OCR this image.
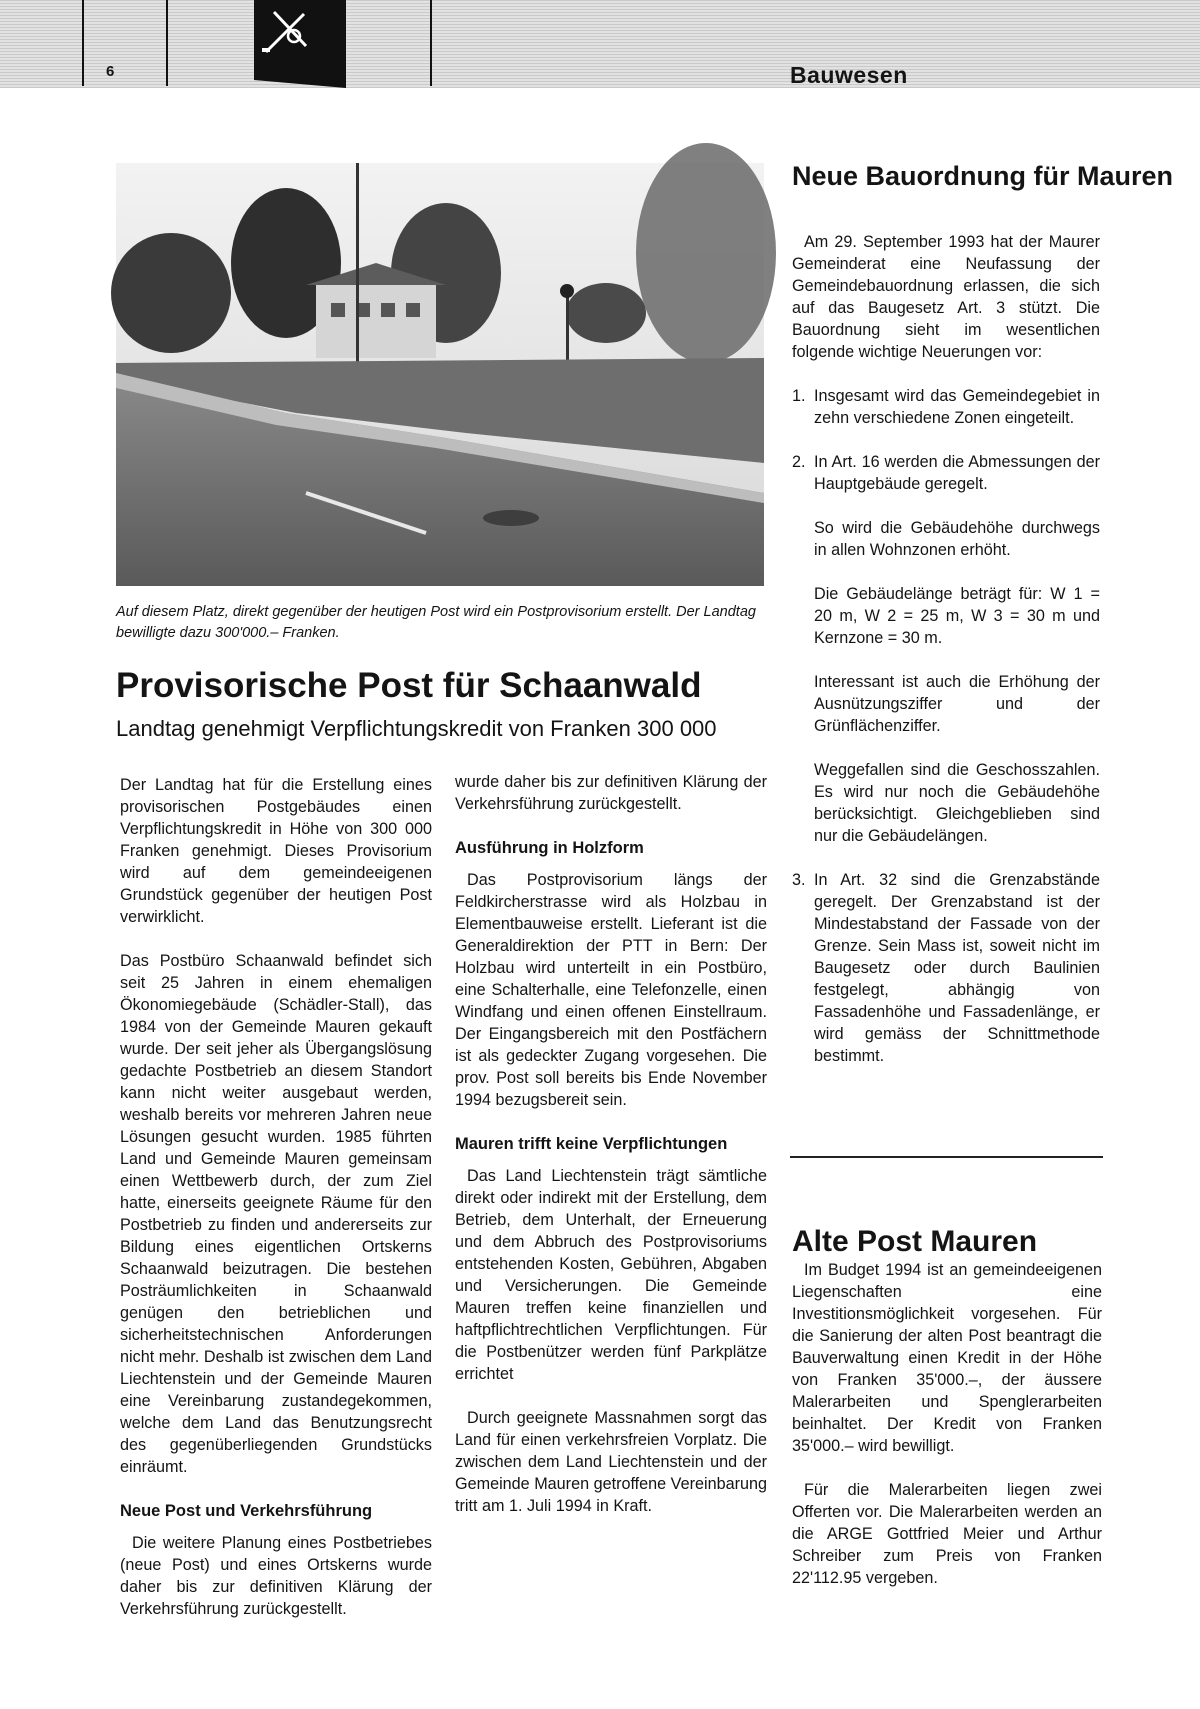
6	Bauwesen
Auf diesem Platz, direkt gegenüber der heutigen Post wird ein Postprovisorium erstellt. Der Landtag bewilligte dazu 300'000.– Franken.
Provisorische Post für Schaanwald
Landtag genehmigt Verpflichtungskredit von Franken 300 000

Der Landtag hat für die Erstellung eines provisorischen Postgebäudes einen Verpflichtungskredit in Höhe von 300 000 Franken genehmigt. Dieses Provisorium wird auf dem gemeindeeigenen Grundstück gegenüber der heutigen Post verwirklicht.

Das Postbüro Schaanwald befindet sich seit 25 Jahren in einem ehemaligen Ökonomiegebäude (Schädler-Stall), das 1984 von der Gemeinde Mauren gekauft wurde. Der seit jeher als Übergangslösung gedachte Postbetrieb an diesem Standort kann nicht weiter ausgebaut werden, weshalb bereits vor mehreren Jahren neue Lösungen gesucht wurden. 1985 führten Land und Gemeinde Mauren gemeinsam einen Wettbewerb durch, der zum Ziel hatte, einerseits geeignete Räume für den Postbetrieb zu finden und andererseits zur Bildung eines eigentlichen Ortskerns Schaanwald beizutragen. Die bestehen Posträumlichkeiten in Schaanwald genügen den betrieblichen und sicherheitstechnischen Anforderungen nicht mehr. Deshalb ist zwischen dem Land Liechtenstein und der Gemeinde Mauren eine Vereinbarung zustandegekommen, welche dem Land das Benutzungsrecht des gegenüberliegenden Grundstücks einräumt.

Neue Post und Verkehrsführung

Die weitere Planung eines Postbetriebes (neue Post) und eines Ortskerns wurde daher bis zur definitiven Klärung der Verkehrsführung zurückgestellt.

wurde daher bis zur definitiven Klärung der Verkehrsführung zurückgestellt.

Ausführung in Holzform

Das Postprovisorium längs der Feldkircherstrasse wird als Holzbau in Elementbauweise erstellt. Lieferant ist die Generaldirektion der PTT in Bern: Der Holzbau wird unterteilt in ein Postbüro, eine Schalterhalle, eine Telefonzelle, einen Windfang und einen offenen Einstellraum. Der Eingangsbereich mit den Postfächern ist als gedeckter Zugang vorgesehen. Die prov. Post soll bereits bis Ende November 1994 bezugsbereit sein.

Mauren trifft keine Verpflichtungen

Das Land Liechtenstein trägt sämtliche direkt oder indirekt mit der Erstellung, dem Betrieb, dem Unterhalt, der Erneuerung und dem Abbruch des Postprovisoriums entstehenden Kosten, Gebühren, Abgaben und Versicherungen. Die Gemeinde Mauren treffen keine finanziellen und haftpflichtrechtlichen Verpflichtungen. Für die Postbenützer werden fünf Parkplätze errichtet

Durch geeignete Massnahmen sorgt das Land für einen verkehrsfreien Vorplatz. Die zwischen dem Land Liechtenstein und der Gemeinde Mauren getroffene Vereinbarung tritt am 1. Juli 1994 in Kraft.

Neue Bauordnung für Mauren

Am 29. September 1993 hat der Maurer Gemeinderat eine Neufassung der Gemeindebauordnung erlassen, die sich auf das Baugesetz Art. 3 stützt. Die Bauordnung sieht im wesentlichen folgende wichtige Neuerungen vor:

1. Insgesamt wird das Gemeindegebiet in zehn verschiedene Zonen eingeteilt.
2. In Art. 16 werden die Abmessungen der Hauptgebäude geregelt.

So wird die Gebäudehöhe durchwegs in allen Wohnzonen erhöht.

Die Gebäudelänge beträgt für: W 1 = 20 m, W 2 = 25 m, W 3 = 30 m und Kernzone = 30 m.

Interessant ist auch die Erhöhung der Ausnützungsziffer und der Grünflächenziffer.

Weggefallen sind die Geschosszahlen. Es wird nur noch die Gebäudehöhe berücksichtigt. Gleichgeblieben sind nur die Gebäudelängen.

3. In Art. 32 sind die Grenzabstände geregelt. Der Grenzabstand ist der Mindestabstand der Fassade von der Grenze. Sein Mass ist, soweit nicht im Baugesetz oder durch Baulinien festgelegt, abhängig von Fassadenhöhe und Fassadenlänge, er wird gemäss der Schnittmethode bestimmt.
Alte Post Mauren

Im Budget 1994 ist an gemeindeeigenen Liegenschaften eine Investitionsmöglichkeit vorgesehen. Für die Sanierung der alten Post beantragt die Bauverwaltung einen Kredit in der Höhe von Franken 35'000.–, der äussere Malerarbeiten und Spenglerarbeiten beinhaltet. Der Kredit von Franken 35'000.– wird bewilligt.

Für die Malerarbeiten liegen zwei Offerten vor. Die Malerarbeiten werden an die ARGE Gottfried Meier und Arthur Schreiber zum Preis von Franken 22'112.95 vergeben.
